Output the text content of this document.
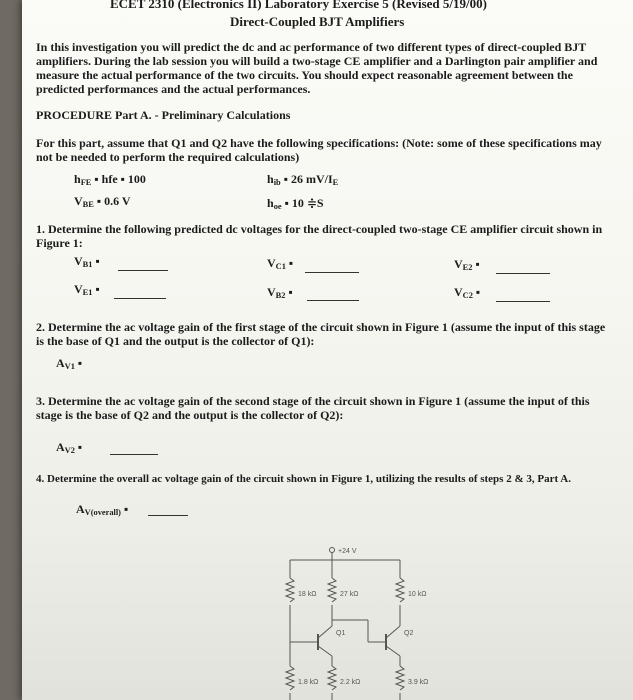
ECET 2310 (Electronics II) Laboratory Exercise 5 (Revised 5/19/00)
Direct-Coupled BJT Amplifiers
In this investigation you will predict the dc and ac performance of two different types of direct-coupled BJT
amplifiers. During the lab session you will build a two-stage CE amplifier and a Darlington pair amplifier and
measure the actual performance of the two circuits. You should expect reasonable agreement between the
predicted performances and the actual performances.
PROCEDURE Part A. - Preliminary Calculations
For this part, assume that Q1 and Q2 have the following specifications: (Note: some of these specifications may
not be needed to perform the required calculations)
$h_{FE}$ ▪ hfe ▪ 100	$h_{ib}$ ▪ 26 $mV/I_E$
$V_{BE}$ ▪ 0.6 V	$h_{oe}$ ▪ 10 ≑S
1. Determine the following predicted dc voltages for the direct-coupled two-stage CE amplifier circuit shown in
Figure 1:
$V_{B1}$ ▪	$V_{C1}$ ▪	$V_{E2}$ ▪
$V_{E1}$ ▪	$V_{B2}$ ▪	$V_{C2}$ ▪
2. Determine the ac voltage gain of the first stage of the circuit shown in Figure 1 (assume the input of this stage
is the base of Q1 and the output is the collector of Q1):
$A_{V1}$ ▪
3. Determine the ac voltage gain of the second stage of the circuit shown in Figure 1 (assume the input of this
stage is the base of Q2 and the output is the collector of Q2):
$A_{V2}$ ▪
4. Determine the overall ac voltage gain of the circuit shown in Figure 1, utilizing the results of steps 2 & 3, Part A.
$A_{V(overall)}$ ▪
+24 V
18 kΩ	27 kΩ	10 kΩ
1.8 kΩ	2.2 kΩ	3.9 kΩ
Q1	Q2
